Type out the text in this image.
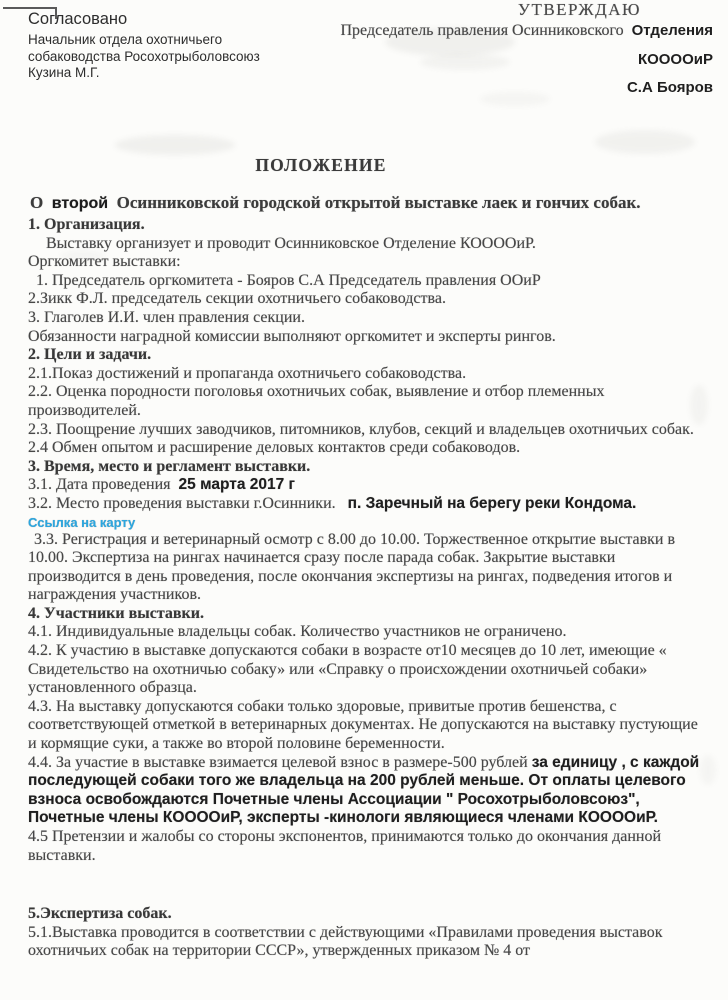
Согласовано
Начальник отдела охотничьего
собаководства Росохотрыболовсоюз
Кузина М.Г.
УТВЕРЖДАЮ
Председатель правления Осинниковского Отделения
КООООиР
С.А Бояров
ПОЛОЖЕНИЕ
О второй Осинниковской городской открытой выставке лаек и гончих собак.

1. Организация.

Выставку организует и проводит Осинниковское Отделение КООООиР.

Оргкомитет выставки:

1. Председатель оргкомитета - Бояров С.А Председатель правления ООиР

2.Зикк Ф.Л. председатель секции охотничьего собаководства.

3. Глаголев И.И. член правления секции.

Обязанности наградной комиссии выполняют оргкомитет и эксперты рингов.

2. Цели и задачи.

2.1.Показ достижений и пропаганда охотничьего собаководства.

2.2. Оценка породности поголовья охотничьих собак, выявление и отбор племенных производителей.

2.3. Поощрение лучших заводчиков, питомников, клубов, секций и владельцев охотничьих собак.

2.4 Обмен опытом и расширение деловых контактов среди собаководов.

3. Время, место и регламент выставки.

3.1. Дата проведения 25 марта 2017 г

3.2. Место проведения выставки г.Осинники. п. Заречный на берегу реки Кондома.

Ссылка на карту

3.3. Регистрация и ветеринарный осмотр с 8.00 до 10.00. Торжественное открытие выставки в 10.00. Экспертиза на рингах начинается сразу после парада собак. Закрытие выставки производится в день проведения, после окончания экспертизы на рингах, подведения итогов и награждения участников.

4. Участники выставки.

4.1. Индивидуальные владельцы собак. Количество участников не ограничено.

4.2. К участию в выставке допускаются собаки в возрасте от10 месяцев до 10 лет, имеющие « Свидетельство на охотничью собаку» или «Справку о происхождении охотничьей собаки» установленного образца.

4.3. На выставку допускаются собаки только здоровые, привитые против бешенства, с соответствующей отметкой в ветеринарных документах. Не допускаются на выставку пустующие и кормящие суки, а также во второй половине беременности.

4.4. За участие в выставке взимается целевой взнос в размере-500 рублей за единицу , с каждой последующей собаки того же владельца на 200 рублей меньше. От оплаты целевого взноса освобождаются Почетные члены Ассоциации " Росохотрыболовсоюз", Почетные члены КООООиР, эксперты -кинологи являющиеся членами КООООиР.

4.5 Претензии и жалобы со стороны экспонентов, принимаются только до окончания данной выставки.

5.Экспертиза собак.

5.1.Выставка проводится в соответствии с действующими «Правилами проведения выставок охотничьих собак на территории СССР», утвержденных приказом № 4 от
